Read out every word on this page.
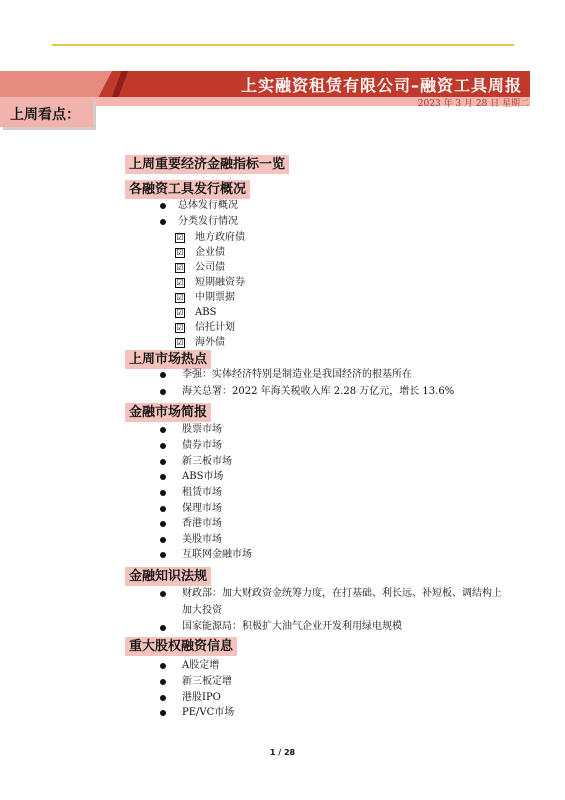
上实融资租赁有限公司–融资工具周报
2023 年 3 月 28 日 星期二
上周看点：
上周重要经济金融指标一览
各融资工具发行概况
总体发行概况
分类发行情况
☑ 地方政府债
☑ 企业债
☑ 公司债
☑ 短期融资券
☑ 中期票据
☑ ABS
☑ 信托计划
☑ 海外债
上周市场热点
李强：实体经济特别是制造业是我国经济的根基所在
海关总署：2022 年海关税收入库 2.28 万亿元，增长 13.6%
金融市场简报
股票市场
债券市场
新三板市场
ABS市场
租赁市场
保理市场
香港市场
美股市场
互联网金融市场
金融知识法规
财政部：加大财政资金统筹力度，在打基础、利长远、补短板、调结构上加大投资
国家能源局：积极扩大油气企业开发利用绿电规模
重大股权融资信息
A股定增
新三板定增
港股IPO
PE/VC市场
1 / 28
